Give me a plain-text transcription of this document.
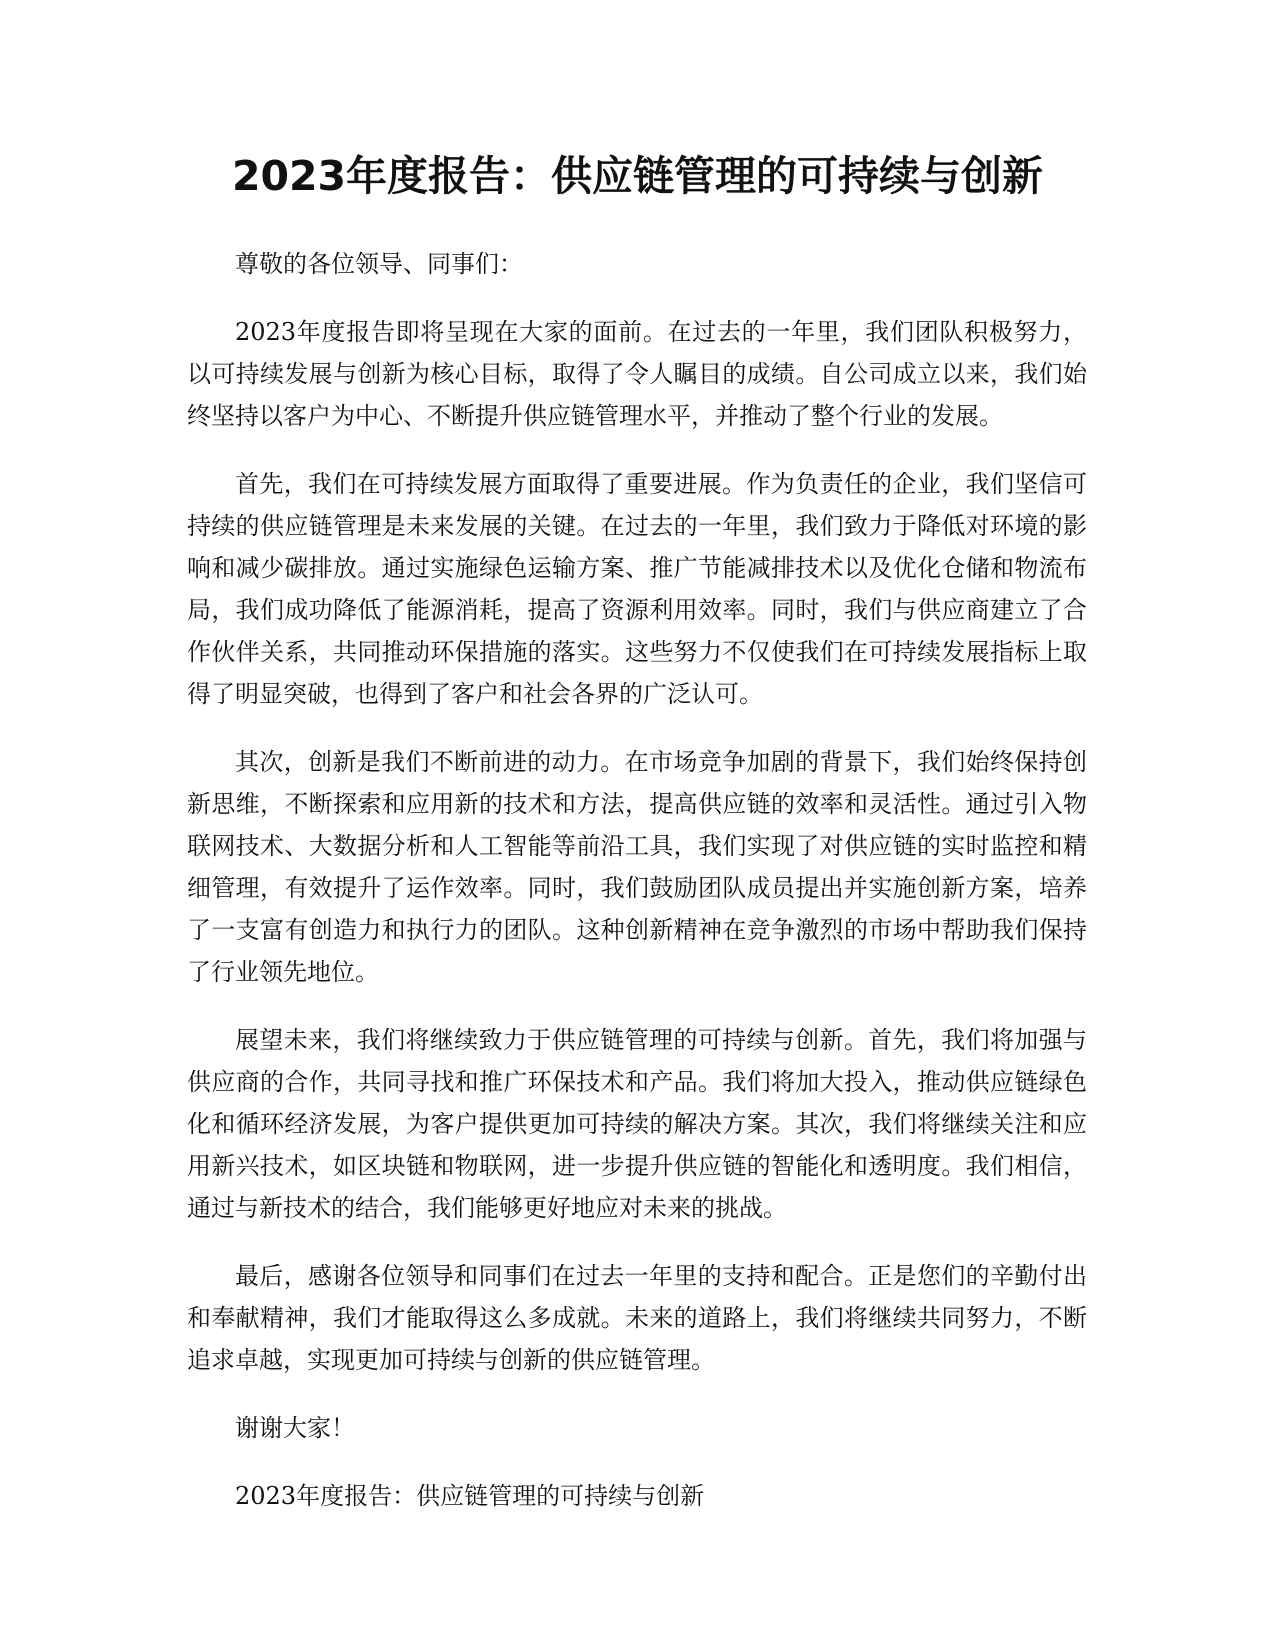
2023年度报告：供应链管理的可持续与创新

尊敬的各位领导、同事们：

2023年度报告即将呈现在大家的面前。在过去的一年里，我们团队积极努力，以可持续发展与创新为核心目标，取得了令人瞩目的成绩。自公司成立以来，我们始终坚持以客户为中心、不断提升供应链管理水平，并推动了整个行业的发展。

首先，我们在可持续发展方面取得了重要进展。作为负责任的企业，我们坚信可持续的供应链管理是未来发展的关键。在过去的一年里，我们致力于降低对环境的影响和减少碳排放。通过实施绿色运输方案、推广节能减排技术以及优化仓储和物流布局，我们成功降低了能源消耗，提高了资源利用效率。同时，我们与供应商建立了合作伙伴关系，共同推动环保措施的落实。这些努力不仅使我们在可持续发展指标上取得了明显突破，也得到了客户和社会各界的广泛认可。

其次，创新是我们不断前进的动力。在市场竞争加剧的背景下，我们始终保持创新思维，不断探索和应用新的技术和方法，提高供应链的效率和灵活性。通过引入物联网技术、大数据分析和人工智能等前沿工具，我们实现了对供应链的实时监控和精细管理，有效提升了运作效率。同时，我们鼓励团队成员提出并实施创新方案，培养了一支富有创造力和执行力的团队。这种创新精神在竞争激烈的市场中帮助我们保持了行业领先地位。

展望未来，我们将继续致力于供应链管理的可持续与创新。首先，我们将加强与供应商的合作，共同寻找和推广环保技术和产品。我们将加大投入，推动供应链绿色化和循环经济发展，为客户提供更加可持续的解决方案。其次，我们将继续关注和应用新兴技术，如区块链和物联网，进一步提升供应链的智能化和透明度。我们相信，通过与新技术的结合，我们能够更好地应对未来的挑战。

最后，感谢各位领导和同事们在过去一年里的支持和配合。正是您们的辛勤付出和奉献精神，我们才能取得这么多成就。未来的道路上，我们将继续共同努力，不断追求卓越，实现更加可持续与创新的供应链管理。

谢谢大家！

2023年度报告：供应链管理的可持续与创新
